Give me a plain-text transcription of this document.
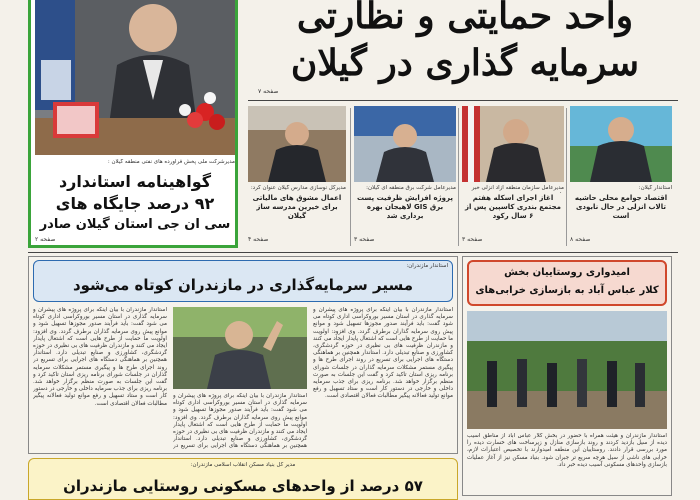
مدیرشرکت ملی پخش فرآورده های نفتی منطقه گیلان :
گواهینامه استاندارد
۹۲ درصد جایگاه های
سی ان جی استان گیلان صادر
صفحه ۲
واحد حمایتی و نظارتی
سرمایه گذاری در گیلان
صفحه ۷
استاندار گیلان:
اقتصاد جوامع محلی حاشیه تالاب انزلی در حال نابودی است
صفحه ۸
مدیرعامل سازمان منطقه آزاد انزلی خبر
آغاز اجرای اسکله هفتم مجتمع بندری کاسپین پس از ۶ سال رکود
صفحه ۳
مدیرعامل شرکت برق منطقه ای گیلان:
پروژه افزایش ظرفیت پست برق GIS لاهیجان بهره برداری شد
صفحه ۳
مدیرکل نوسازی مدارس گیلان عنوان کرد:
اعمال مشوق های مالیاتی برای خیرین مدرسه ساز گیلان
صفحه ۴
استاندار مازندران:
مسیر سرمایه‌گذاری در مازندران کوتاه می‌شود
استاندار مازندران با بیان اینکه برای پروژه های پیشران و سرمایه گذاری در استان مسیر بوروکراسی اداری کوتاه می شود گفت: باید فرآیند صدور مجوزها تسهیل شود و موانع پیش روی سرمایه گذاران برطرف گردد. وی افزود: اولویت ما حمایت از طرح هایی است که اشتغال پایدار ایجاد می کنند و مازندران ظرفیت های بی نظیری در حوزه گردشگری، کشاورزی و صنایع تبدیلی دارد. استاندار همچنین بر هماهنگی دستگاه های اجرایی برای تسریع در روند اجرای طرح ها و پیگیری مستمر مشکلات سرمایه گذاران در جلسات شورای برنامه ریزی استان تاکید کرد و گفت این جلسات به صورت منظم برگزار خواهد شد. برنامه ریزی برای جذب سرمایه داخلی و خارجی در دستور کار است و ستاد تسهیل و رفع موانع تولید فعالانه پیگیر مطالبات فعالان اقتصادی است.
استاندار مازندران با بیان اینکه برای پروژه های پیشران و سرمایه گذاری در استان مسیر بوروکراسی اداری کوتاه می شود گفت: باید فرآیند صدور مجوزها تسهیل شود و موانع پیش روی سرمایه گذاران برطرف گردد. وی افزود: اولویت ما حمایت از طرح هایی است که اشتغال پایدار ایجاد می کنند و مازندران ظرفیت های بی نظیری در حوزه گردشگری، کشاورزی و صنایع تبدیلی دارد. استاندار همچنین بر هماهنگی دستگاه های اجرایی برای تسریع در
استاندار مازندران با بیان اینکه برای پروژه های پیشران و سرمایه گذاری در استان مسیر بوروکراسی اداری کوتاه می شود گفت: باید فرآیند صدور مجوزها تسهیل شود و موانع پیش روی سرمایه گذاران برطرف گردد. وی افزود: اولویت ما حمایت از طرح هایی است که اشتغال پایدار ایجاد می کنند و مازندران ظرفیت های بی نظیری در حوزه گردشگری، کشاورزی و صنایع تبدیلی دارد. استاندار همچنین بر هماهنگی دستگاه های اجرایی برای تسریع در روند اجرای طرح ها و پیگیری مستمر مشکلات سرمایه گذاران در جلسات شورای برنامه ریزی استان تاکید کرد و گفت این جلسات به صورت منظم برگزار خواهد شد. برنامه ریزی برای جذب سرمایه داخلی و خارجی در دستور کار است و ستاد تسهیل و رفع موانع تولید فعالانه پیگیر مطالبات فعالان اقتصادی است.
امیدواری روستاییان بخش
کلار عباس آباد به بازسازی خرابی‌های
استاندار مازندران و هیئت همراه با حضور در بخش کلار عباس آباد از مناطق آسیب دیده از سیل بازدید کردند و روند بازسازی منازل و زیرساخت های خسارت دیده را مورد بررسی قرار دادند. روستاییان این منطقه امیدوارند با تخصیص اعتبارات لازم، خرابی های ناشی از سیل هرچه سریع تر جبران شود. بنیاد مسکن نیز از آغاز عملیات بازسازی واحدهای مسکونی آسیب دیده خبر داد.
مدیر کل بنیاد مسکن انقلاب اسلامی مازندران:
۵۷ درصد از واحدهای مسکونی روستایی مازندران
